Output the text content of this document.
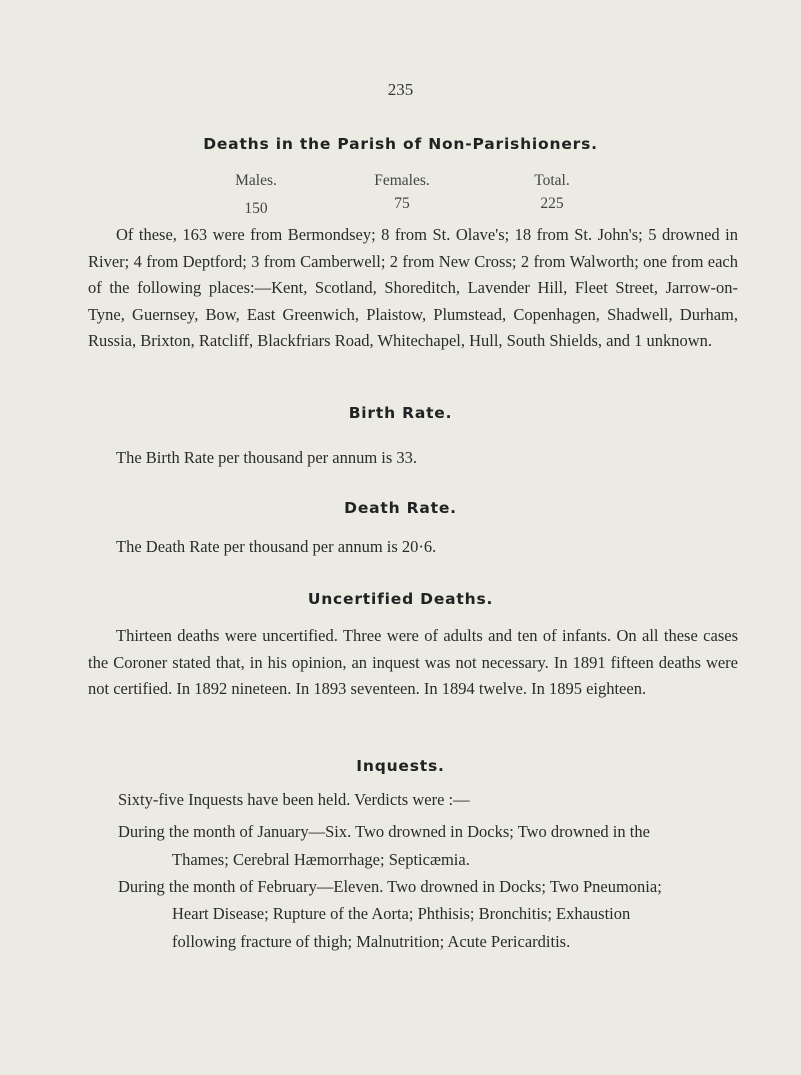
235
Deaths in the Parish of Non-Parishioners.
Males.	Females.	Total.
150	75	225
Of these, 163 were from Bermondsey; 8 from St. Olave's; 18 from St. John's; 5 drowned in River; 4 from Deptford; 3 from Camberwell; 2 from New Cross; 2 from Walworth; one from each of the following places:—Kent, Scotland, Shoreditch, Lavender Hill, Fleet Street, Jarrow-on-Tyne, Guernsey, Bow, East Greenwich, Plaistow, Plumstead, Copenhagen, Shadwell, Durham, Russia, Brixton, Ratcliff, Blackfriars Road, Whitechapel, Hull, South Shields, and 1 unknown.
Birth Rate.
The Birth Rate per thousand per annum is 33.
Death Rate.
The Death Rate per thousand per annum is 20·6.
Uncertified Deaths.
Thirteen deaths were uncertified. Three were of adults and ten of infants. On all these cases the Coroner stated that, in his opinion, an inquest was not necessary. In 1891 fifteen deaths were not certified. In 1892 nineteen. In 1893 seventeen. In 1894 twelve. In 1895 eighteen.
Inquests.
Sixty-five Inquests have been held. Verdicts were :—
During the month of January—Six. Two drowned in Docks; Two drowned in the
Thames; Cerebral Hæmorrhage; Septicæmia.
During the month of February—Eleven. Two drowned in Docks; Two Pneumonia;
Heart Disease; Rupture of the Aorta; Phthisis; Bronchitis; Exhaustion
following fracture of thigh; Malnutrition; Acute Pericarditis.
